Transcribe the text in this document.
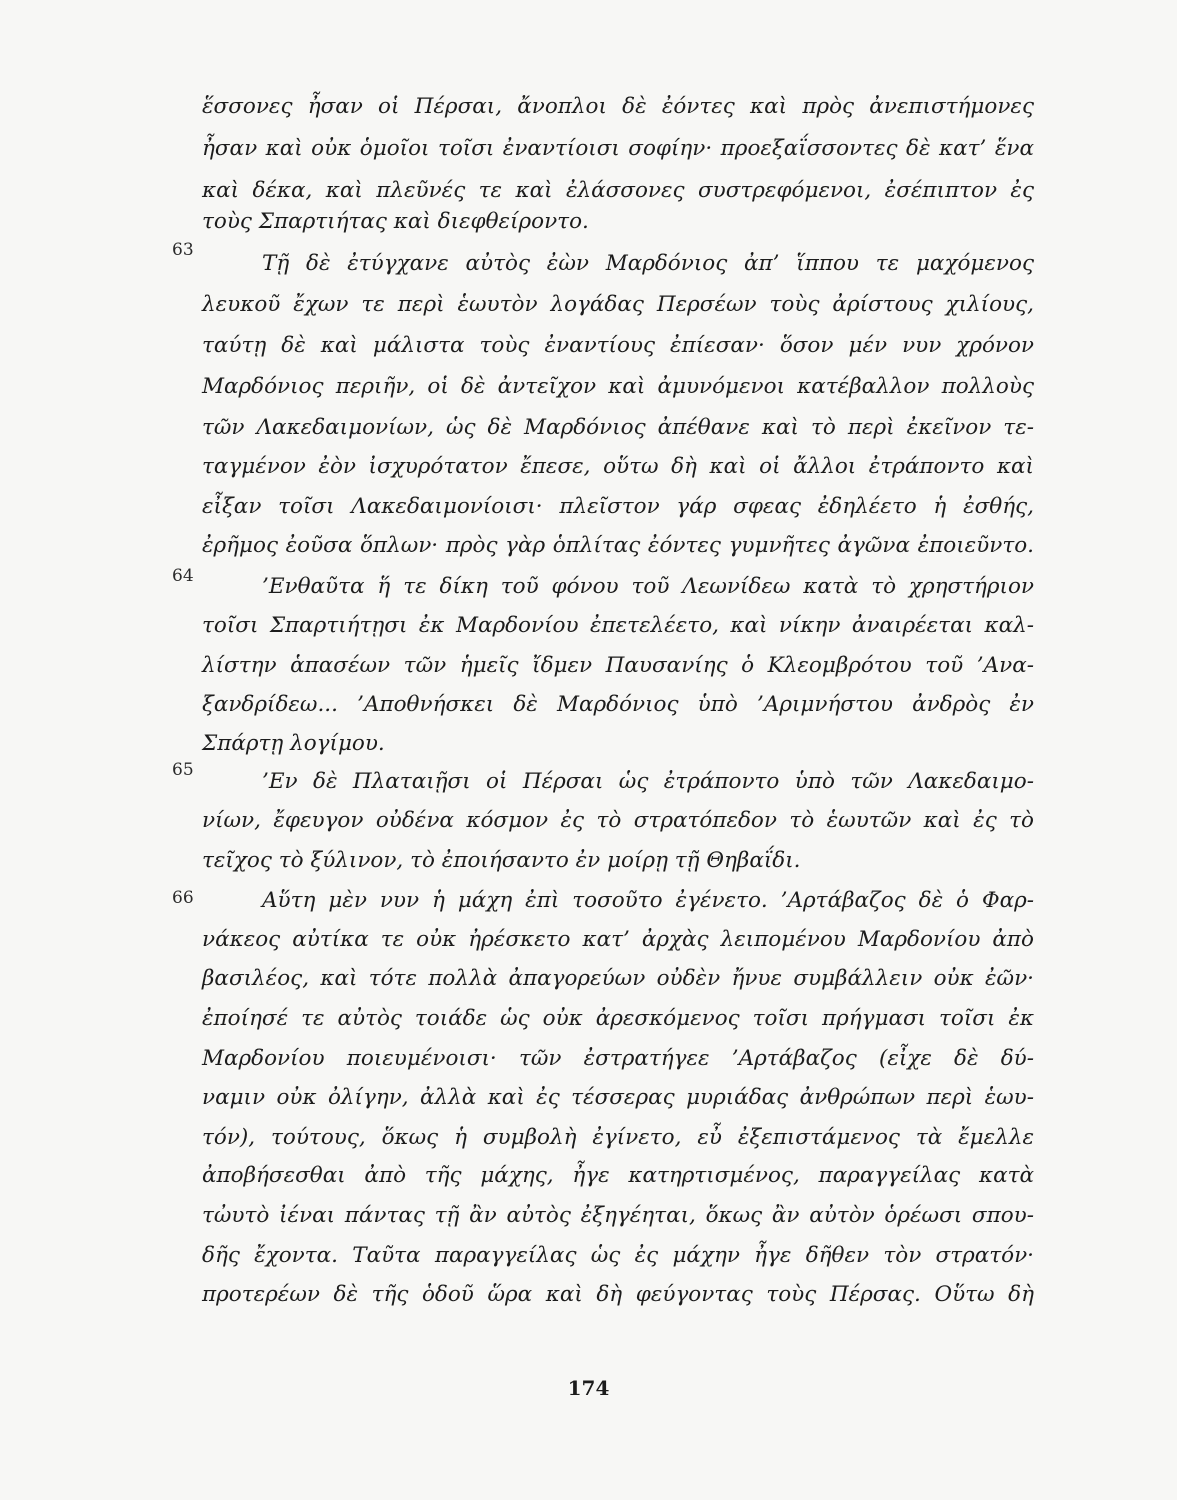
63
64
65
66
ἕσσονες ἦσαν οἱ Πέρσαι, ἄνοπλοι δὲ ἐόντες καὶ πρὸς ἀνεπιστήμονες
ἦσαν καὶ οὐκ ὁμοῖοι τοῖσι ἐναντίοισι σοφίην· προεξαΐσσοντες δὲ κατ’ ἕνα
καὶ δέκα, καὶ πλεῦνές τε καὶ ἐλάσσονες συστρεφόμενοι, ἐσέπιπτον ἐς
τοὺς Σπαρτιήτας καὶ διεφθείροντο.
Τῇ δὲ ἐτύγχανε αὐτὸς ἐὼν Μαρδόνιος ἀπ’ ἵππου τε μαχόμενος
λευκοῦ ἔχων τε περὶ ἑωυτὸν λογάδας Περσέων τοὺς ἀρίστους χιλίους,
ταύτῃ δὲ καὶ μάλιστα τοὺς ἐναντίους ἐπίεσαν· ὅσον μέν νυν χρόνον
Μαρδόνιος περιῆν, οἱ δὲ ἀντεῖχον καὶ ἀμυνόμενοι κατέβαλλον πολλοὺς
τῶν Λακεδαιμονίων, ὡς δὲ Μαρδόνιος ἀπέθανε καὶ τὸ περὶ ἐκεῖνον τε-
ταγμένον ἐὸν ἰσχυρότατον ἔπεσε, οὕτω δὴ καὶ οἱ ἄλλοι ἐτράποντο καὶ
εἶξαν τοῖσι Λακεδαιμονίοισι· πλεῖστον γάρ σφεας ἐδηλέετο ἡ ἐσθής,
ἐρῆμος ἐοῦσα ὅπλων· πρὸς γὰρ ὁπλίτας ἐόντες γυμνῆτες ἀγῶνα ἐποιεῦντο.
’Ενθαῦτα ἥ τε δίκη τοῦ φόνου τοῦ Λεωνίδεω κατὰ τὸ χρηστήριον
τοῖσι Σπαρτιήτῃσι ἐκ Μαρδονίου ἐπετελέετο, καὶ νίκην ἀναιρέεται καλ-
λίστην ἁπασέων τῶν ἡμεῖς ἴδμεν Παυσανίης ὁ Κλεομβρότου τοῦ ’Ανα-
ξανδρίδεω... ’Αποθνήσκει δὲ Μαρδόνιος ὑπὸ ’Αριμνήστου ἀνδρὸς ἐν
Σπάρτῃ λογίμου.
’Εν δὲ Πλαταιῇσι οἱ Πέρσαι ὡς ἐτράποντο ὑπὸ τῶν Λακεδαιμο-
νίων, ἔφευγον οὐδένα κόσμον ἐς τὸ στρατόπεδον τὸ ἑωυτῶν καὶ ἐς τὸ
τεῖχος τὸ ξύλινον, τὸ ἐποιήσαντο ἐν μοίρῃ τῇ Θηβαΐδι.
Αὕτη μὲν νυν ἡ μάχη ἐπὶ τοσοῦτο ἐγένετο. ’Αρτάβαζος δὲ ὁ Φαρ-
νάκεος αὐτίκα τε οὐκ ἠρέσκετο κατ’ ἀρχὰς λειπομένου Μαρδονίου ἀπὸ
βασιλέος, καὶ τότε πολλὰ ἀπαγορεύων οὐδὲν ἤνυε συμβάλλειν οὐκ ἐῶν·
ἐποίησέ τε αὐτὸς τοιάδε ὡς οὐκ ἀρεσκόμενος τοῖσι πρήγμασι τοῖσι ἐκ
Μαρδονίου ποιευμένοισι· τῶν ἐστρατήγεε ’Αρτάβαζος (εἶχε δὲ δύ-
ναμιν οὐκ ὀλίγην, ἀλλὰ καὶ ἐς τέσσερας μυριάδας ἀνθρώπων περὶ ἑωυ-
τόν), τούτους, ὅκως ἡ συμβολὴ ἐγίνετο, εὖ ἐξεπιστάμενος τὰ ἔμελλε
ἀποβήσεσθαι ἀπὸ τῆς μάχης, ἦγε κατηρτισμένος, παραγγείλας κατὰ
τὠυτὸ ἰέναι πάντας τῇ ἂν αὐτὸς ἐξηγέηται, ὅκως ἂν αὐτὸν ὁρέωσι σπου-
δῆς ἔχοντα. Ταῦτα παραγγείλας ὡς ἐς μάχην ἦγε δῆθεν τὸν στρατόν·
προτερέων δὲ τῆς ὁδοῦ ὥρα καὶ δὴ φεύγοντας τοὺς Πέρσας. Οὕτω δὴ
174
